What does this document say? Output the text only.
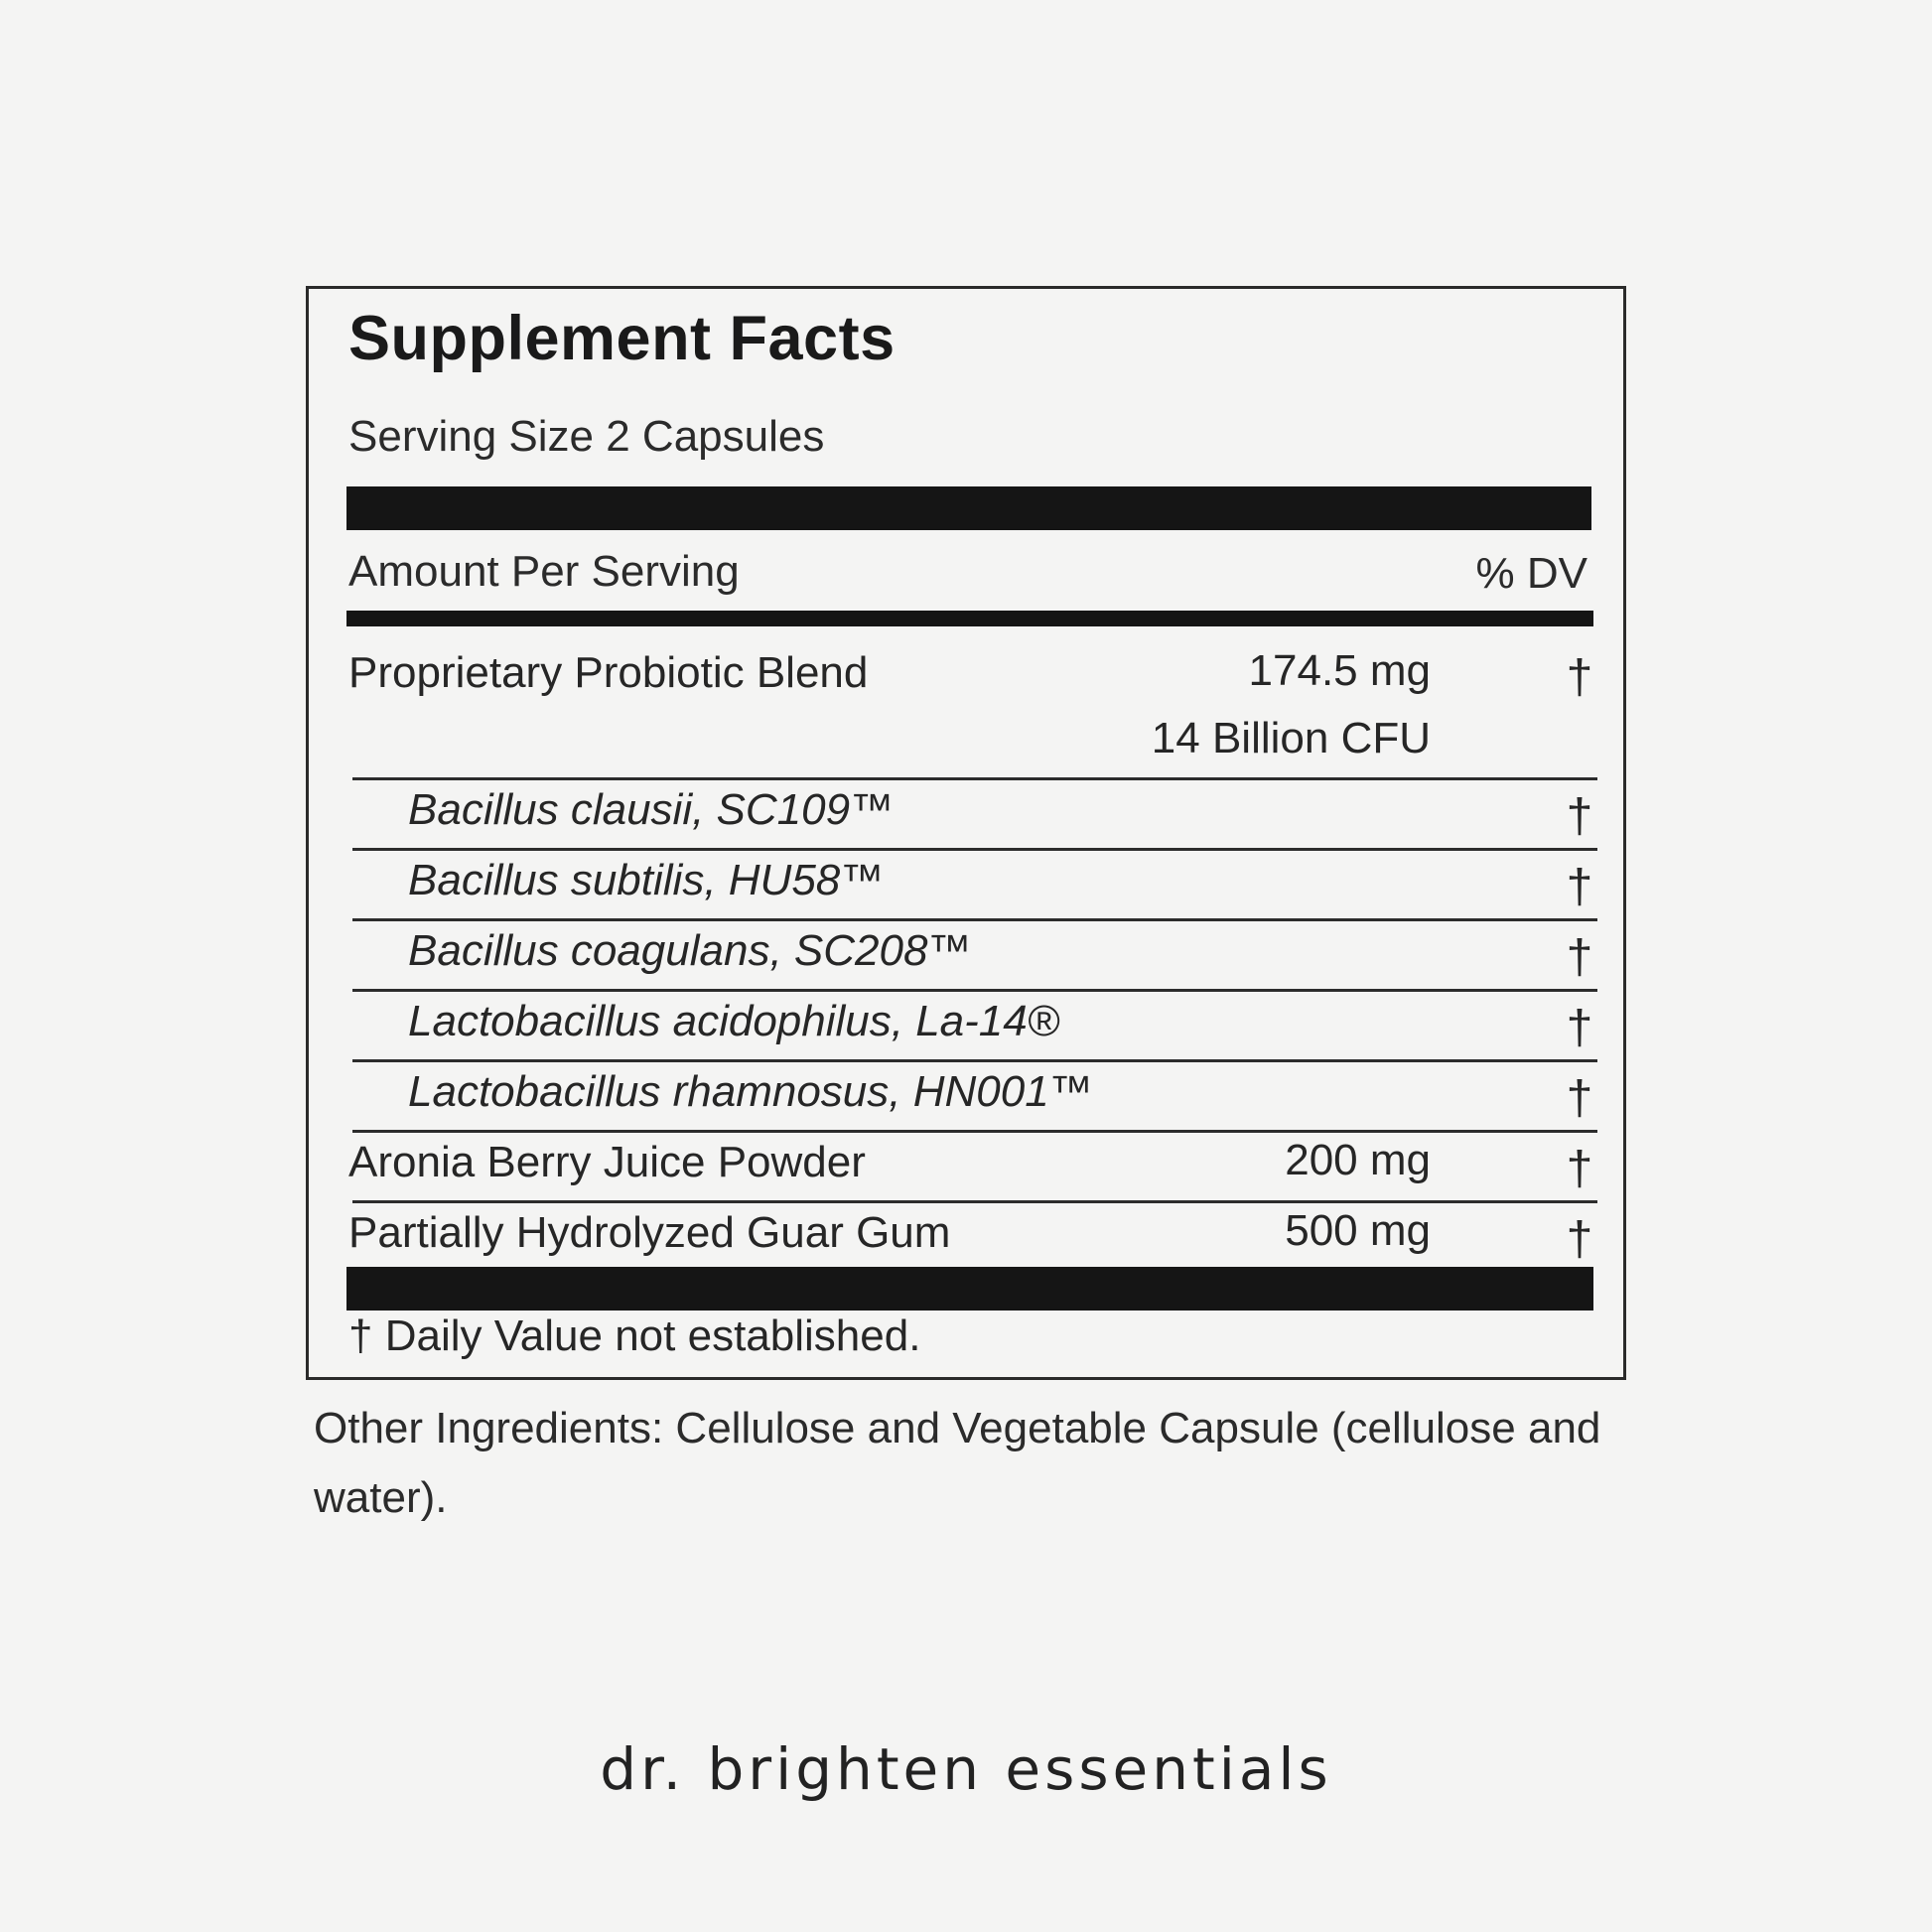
Supplement Facts
Serving Size 2 Capsules
Amount Per Serving	% DV
Proprietary Probiotic Blend	174.5 mg	†
14 Billion CFU
Bacillus clausii, SC109™	†
Bacillus subtilis, HU58™	†
Bacillus coagulans, SC208™	†
Lactobacillus acidophilus, La-14®	†
Lactobacillus rhamnosus, HN001™	†
Aronia Berry Juice Powder	200 mg	†
Partially Hydrolyzed Guar Gum	500 mg	†
† Daily Value not established.
Other Ingredients: Cellulose and Vegetable Capsule (cellulose and water).
dr. brighten essentials
